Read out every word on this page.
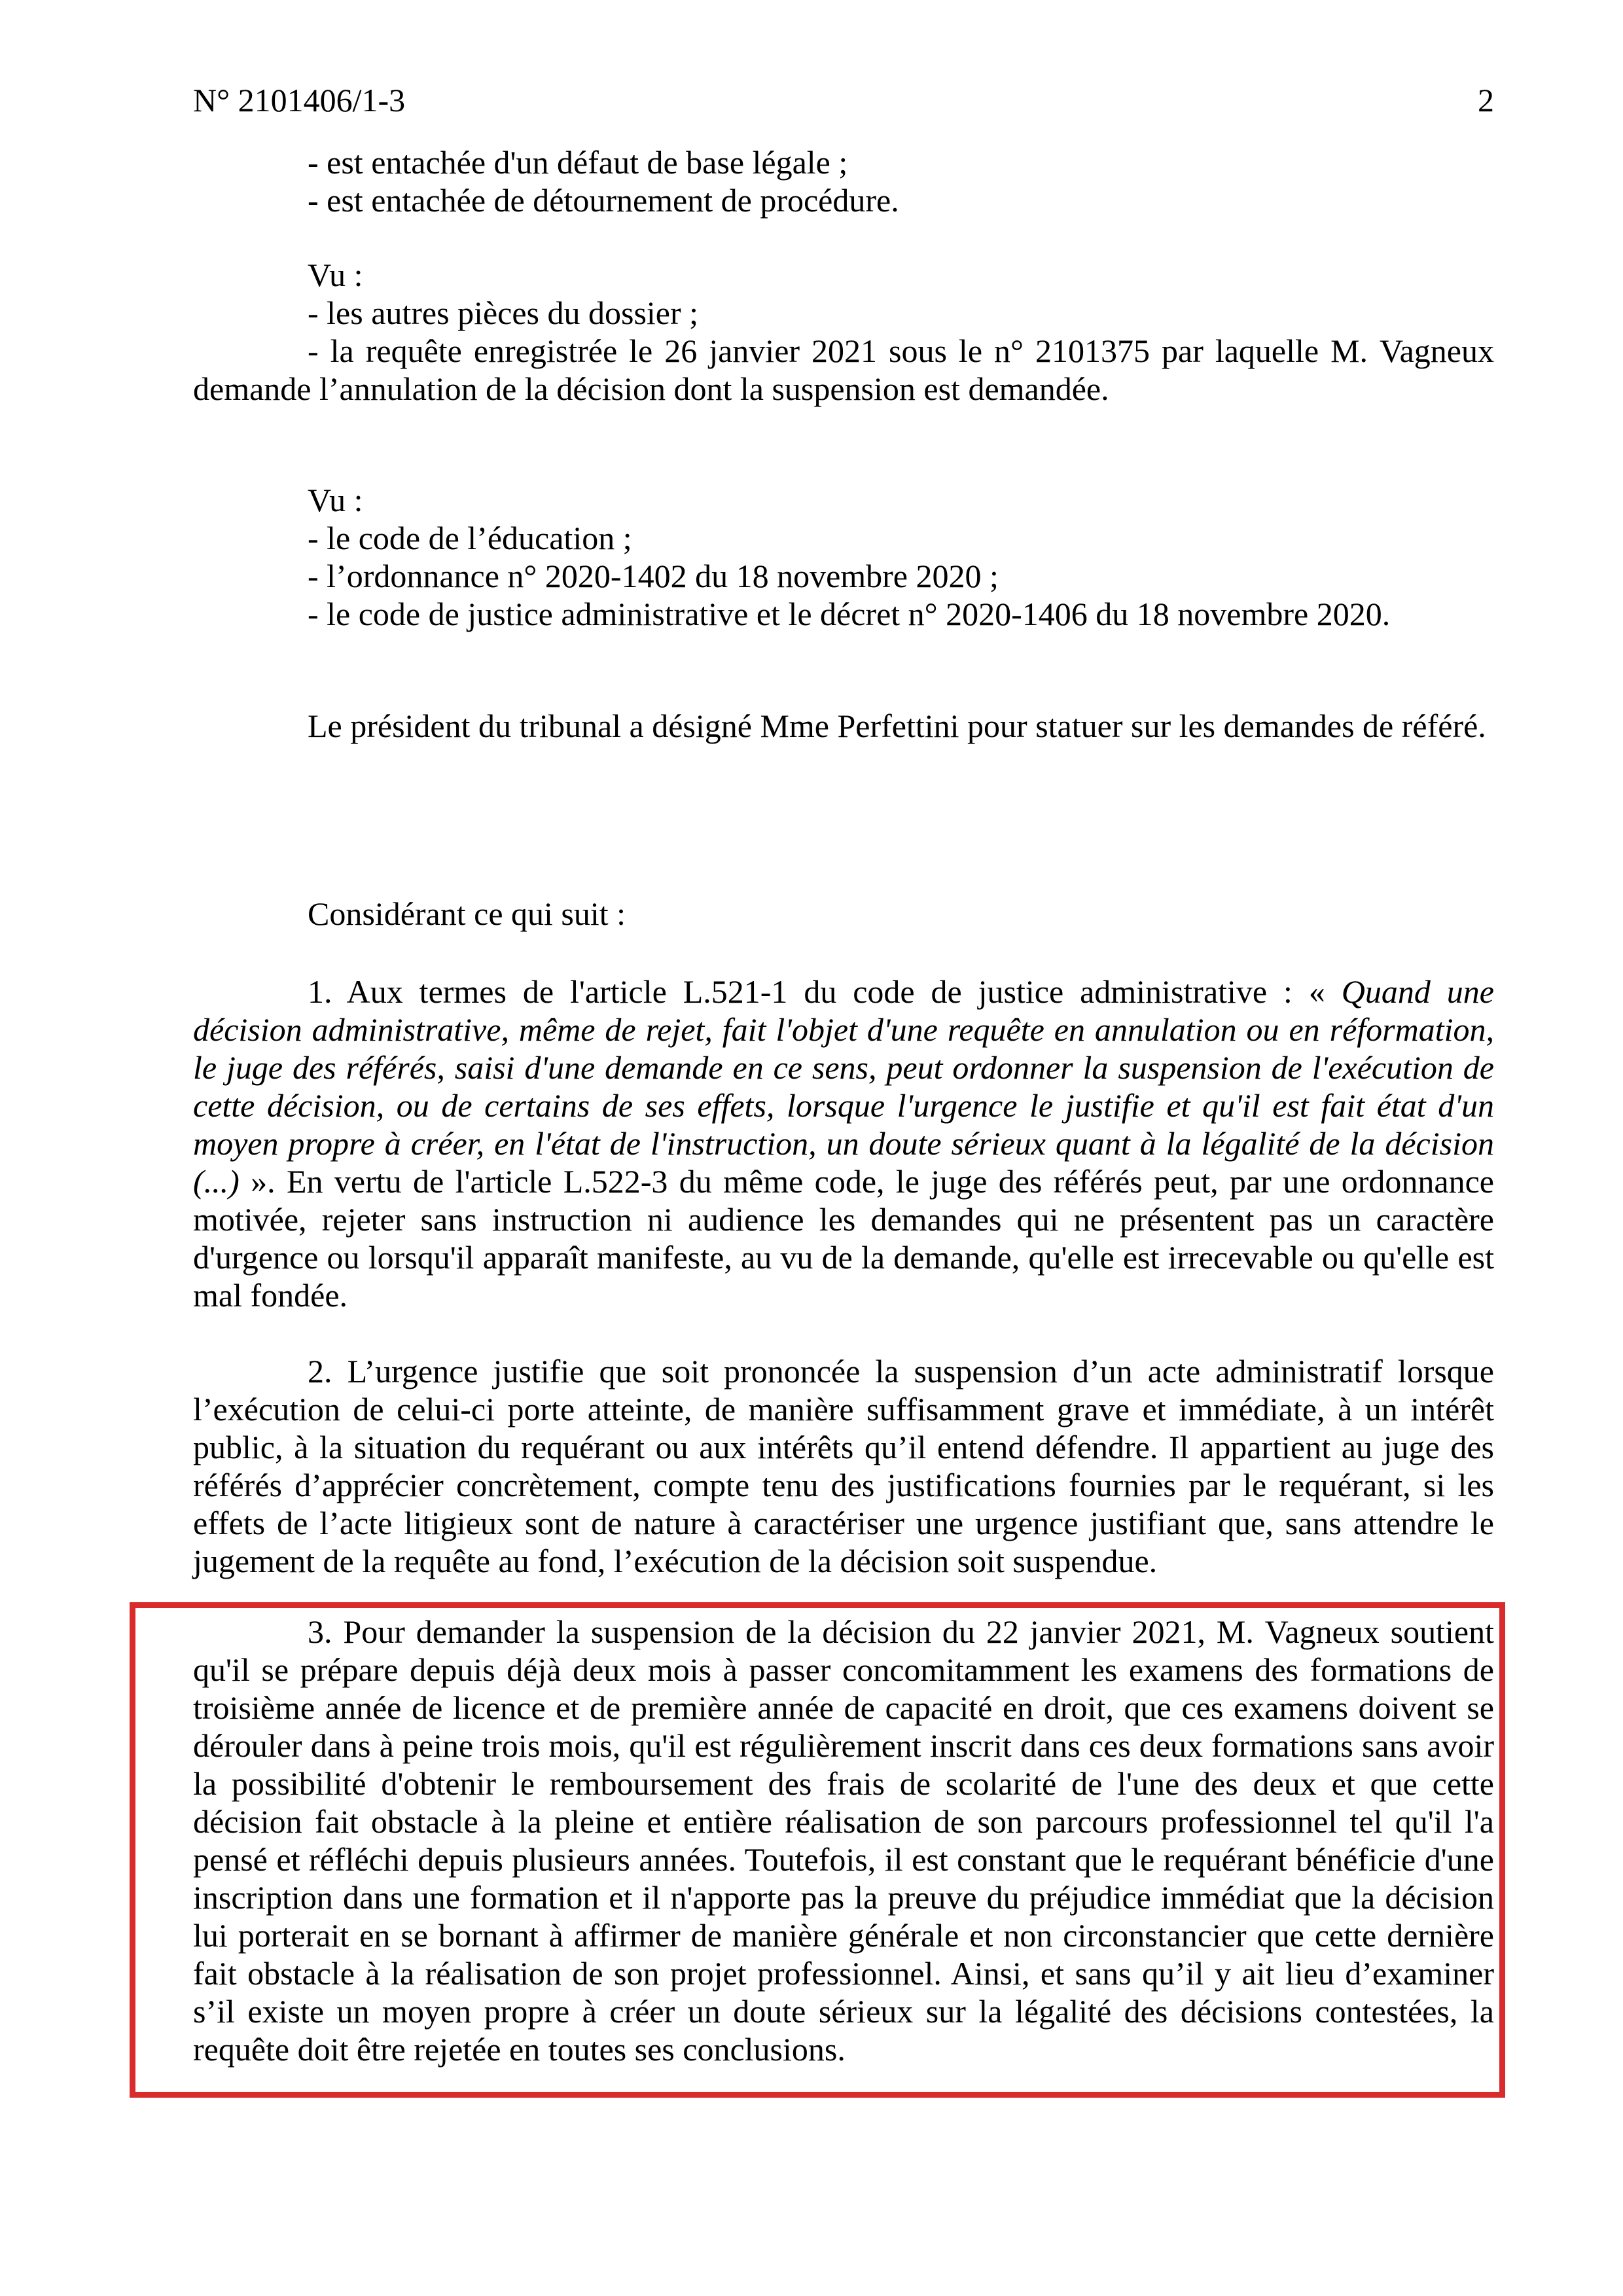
N° 2101406/1-3	2
- est entachée d'un défaut de base légale ;
- est entachée de détournement de procédure.
Vu :
- les autres pièces du dossier ;

- la requête enregistrée le 26 janvier 2021 sous le n° 2101375 par laquelle M. Vagneux demande l’annulation de la décision dont la suspension est demandée.

Vu :
- le code de l’éducation ;
- l’ordonnance n° 2020-1402 du 18 novembre 2020 ;
- le code de justice administrative et le décret n° 2020-1406 du 18 novembre 2020.

Le président du tribunal a désigné Mme Perfettini pour statuer sur les demandes de référé.

Considérant ce qui suit :

1. Aux termes de l'article L.521-1 du code de justice administrative : « Quand une décision administrative, même de rejet, fait l'objet d'une requête en annulation ou en réformation, le juge des référés, saisi d'une demande en ce sens, peut ordonner la suspension de l'exécution de cette décision, ou de certains de ses effets, lorsque l'urgence le justifie et qu'il est fait état d'un moyen propre à créer, en l'état de l'instruction, un doute sérieux quant à la légalité de la décision (...) ». En vertu de l'article L.522-3 du même code, le juge des référés peut, par une ordonnance motivée, rejeter sans instruction ni audience les demandes qui ne présentent pas un caractère d'urgence ou lorsqu'il apparaît manifeste, au vu de la demande, qu'elle est irrecevable ou qu'elle est mal fondée.

2. L’urgence justifie que soit prononcée la suspension d’un acte administratif lorsque l’exécution de celui-ci porte atteinte, de manière suffisamment grave et immédiate, à un intérêt public, à la situation du requérant ou aux intérêts qu’il entend défendre. Il appartient au juge des référés d’apprécier concrètement, compte tenu des justifications fournies par le requérant, si les effets de l’acte litigieux sont de nature à caractériser une urgence justifiant que, sans attendre le jugement de la requête au fond, l’exécution de la décision soit suspendue.

3. Pour demander la suspension de la décision du 22 janvier 2021, M. Vagneux soutient qu'il se prépare depuis déjà deux mois à passer concomitamment les examens des formations de troisième année de licence et de première année de capacité en droit, que ces examens doivent se dérouler dans à peine trois mois, qu'il est régulièrement inscrit dans ces deux formations sans avoir la possibilité d'obtenir le remboursement des frais de scolarité de l'une des deux et que cette décision fait obstacle à la pleine et entière réalisation de son parcours professionnel tel qu'il l'a pensé et réfléchi depuis plusieurs années. Toutefois, il est constant que le requérant bénéficie d'une inscription dans une formation et il n'apporte pas la preuve du préjudice immédiat que la décision lui porterait en se bornant à affirmer de manière générale et non circonstancier que cette dernière fait obstacle à la réalisation de son projet professionnel. Ainsi, et sans qu’il y ait lieu d’examiner s’il existe un moyen propre à créer un doute sérieux sur la légalité des décisions contestées, la requête doit être rejetée en toutes ses conclusions.
